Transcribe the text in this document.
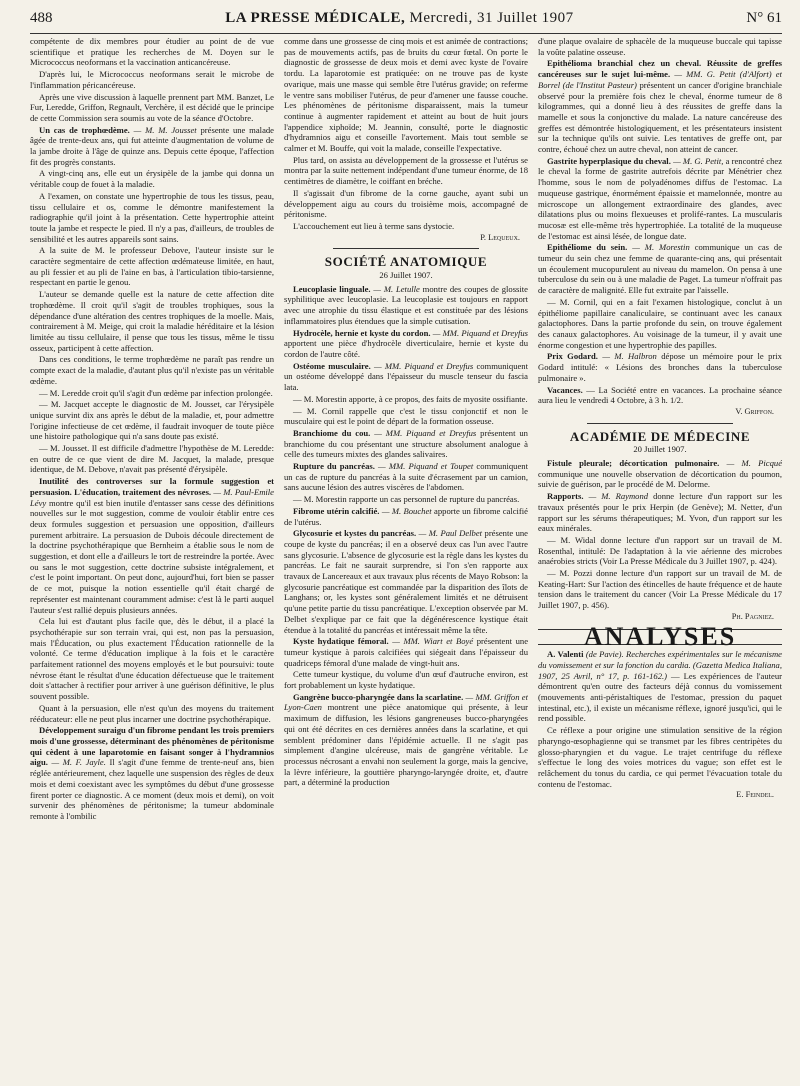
488	LA PRESSE MÉDICALE, Mercredi, 31 Juillet 1907	N° 61

compétente de dix membres pour étudier au point de de vue scientifique et pratique les recherches de M. Doyen sur le Micrococcus neoformans et la vaccination anticancéreuse.

D'après lui, le Micrococcus neoformans serait le microbe de l'inflammation péricancéreuse.

Après une vive discussion à laquelle prennent part MM. Banzet, Le Fur, Leredde, Griffon, Regnault, Verchère, il est décidé que le principe de cette Commission sera soumis au vote de la séance d'Octobre.

Un cas de trophœdème. — M. M. Jousset présente une malade âgée de trente-deux ans, qui fut atteinte d'augmentation de volume de la jambe droite à l'âge de quinze ans. Depuis cette époque, l'affection fit des progrès constants.

A vingt-cinq ans, elle eut un érysipèle de la jambe qui donna un véritable coup de fouet à la maladie.

A l'examen, on constate une hypertrophie de tous les tissus, peau, tissu cellulaire et os, comme le démontre manifestement la radiographie qu'il joint à la présentation. Cette hypertrophie atteint toute la jambe et respecte le pied. Il n'y a pas, d'ailleurs, de troubles de sensibilité et les autres appareils sont sains.

A la suite de M. le professeur Debove, l'auteur insiste sur le caractère segmentaire de cette affection œdémateuse limitée, en haut, au pli fessier et au pli de l'aine en bas, à l'articulation tibio-tarsienne, respectant en partie le genou.

L'auteur se demande quelle est la nature de cette affection dite trophœdème. Il croit qu'il s'agit de troubles trophiques, sous la dépendance d'une altération des centres trophiques de la moelle. Mais, contrairement à M. Meige, qui croit la maladie héréditaire et la lésion limitée au tissu cellulaire, il pense que tous les tissus, même le tissu osseux, participent à cette affection.

Dans ces conditions, le terme trophœdème ne paraît pas rendre un compte exact de la maladie, d'autant plus qu'il n'existe pas un véritable œdème.

— M. Leredde croit qu'il s'agit d'un œdème par infection prolongée.

— M. Jacquet accepte le diagnostic de M. Jousset, car l'érysipèle unique survint dix ans après le début de la maladie, et, pour admettre l'origine infectieuse de cet œdème, il faudrait invoquer de toute pièce une histoire pathologique qui n'a sans doute pas existé.

— M. Jousset. Il est difficile d'admettre l'hypothèse de M. Leredde: en outre de ce que vient de dire M. Jacquet, la malade, presque identique, de M. Debove, n'avait pas présenté d'érysipèle.

Inutilité des controverses sur la formule suggestion et persuasion. L'éducation, traitement des névroses. — M. Paul-Emile Lévy montre qu'il est bien inutile d'entasser sans cesse des définitions nouvelles sur le mot suggestion, comme de vouloir établir entre ces deux formules suggestion et persuasion une opposition, d'ailleurs purement arbitraire. La persuasion de Dubois découle directement de la doctrine psychothérapique que Bernheim a établie sous le nom de suggestion, et dont elle a d'ailleurs le tort de restreindre la portée. Avec ou sans le mot suggestion, cette doctrine subsiste intégralement, et c'est le point important. On peut donc, aujourd'hui, fort bien se passer de ce mot, puisque la notion essentielle qu'il était chargé de représenter est maintenant couramment admise: c'est là le parti auquel l'auteur s'est rallié depuis plusieurs années.

Cela lui est d'autant plus facile que, dès le début, il a placé la psychothérapie sur son terrain vrai, qui est, non pas la persuasion, mais l'Éducation, ou plus exactement l'Éducation rationnelle de la volonté. Ce terme d'éducation implique à la fois et le caractère parfaitement rationnel des moyens employés et le but poursuivi: toute névrose étant le résultat d'une éducation défectueuse que le traitement doit s'attacher à rectifier pour arriver à une guérison définitive, le plus souvent possible.

Quant à la persuasion, elle n'est qu'un des moyens du traitement rééducateur: elle ne peut plus incarner une doctrine psychothérapique.

Développement suraigu d'un fibrome pendant les trois premiers mois d'une grossesse, déterminant des phénomènes de péritonisme qui cèdent à une laparotomie en faisant songer à l'hydramnios aigu. — M. F. Jayle. Il s'agit d'une femme de trente-neuf ans, bien réglée antérieurement, chez laquelle une suspension des règles de deux mois et demi coexistant avec les symptômes du début d'une grossesse firent porter ce diagnostic. A ce moment (deux mois et demi), on voit survenir des phénomènes de péritonisme; la tumeur abdominale remonte à l'ombilic

comme dans une grossesse de cinq mois et est animée de contractions; pas de mouvements actifs, pas de bruits du cœur fœtal. On porte le diagnostic de grossesse de deux mois et demi avec kyste de l'ovaire tordu. La laparotomie est pratiquée: on ne trouve pas de kyste ovarique, mais une masse qui semble être l'utérus gravide; on referme le ventre sans mobiliser l'utérus, de peur d'amener une fausse couche. Les phénomènes de péritonisme disparaissent, mais la tumeur continue à augmenter rapidement et atteint au bout de huit jours l'appendice xiphoïde; M. Jeannin, consulté, porte le diagnostic d'hydramnios aigu et conseille l'avortement. Mais tout semble se calmer et M. Bouffe, qui voit la malade, conseille l'expectative.

Plus tard, on assista au développement de la grossesse et l'utérus se montra par la suite nettement indépendant d'une tumeur énorme, de 18 centimètres de diamètre, le coiffant en bréche.

Il s'agissait d'un fibrome de la corne gauche, ayant subi un développement aigu au cours du troisième mois, accompagné de péritonisme.

L'accouchement eut lieu à terme sans dystocie.

P. Lequeux.
SOCIÉTÉ ANATOMIQUE
26 Juillet 1907.

Leucoplasie linguale. — M. Letulle montre des coupes de glossite syphilitique avec leucoplasie. La leucoplasie est toujours en rapport avec une atrophie du tissu élastique et est constituée par des lésions inflammatoires plus étendues que la simple cutisation.

Hydrocèle, hernie et kyste du cordon. — MM. Piquand et Dreyfus apportent une pièce d'hydrocèle diverticulaire, hernie et kyste du cordon de l'autre côté.

Ostéome musculaire. — MM. Piquand et Dreyfus communiquent un ostéome développé dans l'épaisseur du muscle tenseur du fascia lata.

— M. Morestin apporte, à ce propos, des faits de myosite ossifiante.

— M. Cornil rappelle que c'est le tissu conjonctif et non le musculaire qui est le point de départ de la formation osseuse.

Branchiome du cou. — MM. Piquand et Dreyfus présentent un branchiome du cou présentant une structure absolument analogue à celle des tumeurs mixtes des glandes salivaires.

Rupture du pancréas. — MM. Piquand et Toupet communiquent un cas de rupture du pancréas à la suite d'écrasement par un camion, sans aucune lésion des autres viscères de l'abdomen.

— M. Morestin rapporte un cas personnel de rupture du pancréas.

Fibrome utérin calcifié. — M. Bouchet apporte un fibrome calcifié de l'utérus.

Glycosurie et kystes du pancréas. — M. Paul Delbet présente une coupe de kyste du pancréas; il en a observé deux cas l'un avec l'autre sans glycosurie. L'absence de glycosurie est la règle dans les kystes du pancréas. Le fait ne saurait surprendre, si l'on s'en rapporte aux travaux de Lancereaux et aux travaux plus récents de Mayo Robson: la glycosurie pancréatique est commandée par la disparition des îlots de Langhans; or, les kystes sont généralement limités et ne détruisent qu'une petite partie du tissu pancréatique. L'exception observée par M. Delbet s'explique par ce fait que la dégénérescence kystique était étendue à la totalité du pancréas et intéressait même la tête.

Kyste hydatique fémoral. — MM. Wiart et Boyé présentent une tumeur kystique à parois calcifiées qui siégeait dans l'épaisseur du quadriceps fémoral d'une malade de vingt-huit ans.

Cette tumeur kystique, du volume d'un œuf d'autruche environ, est fort probablement un kyste hydatique.

Gangrène bucco-pharyngée dans la scarlatine. — MM. Griffon et Lyon-Caen montrent une pièce anatomique qui présente, à leur maximum de diffusion, les lésions gangreneuses bucco-pharyngées qui ont été décrites en ces dernières années dans la scarlatine, et qui semblent prédominer dans l'épidémie actuelle. Il ne s'agit pas simplement d'angine ulcéreuse, mais de gangrène véritable. Le processus nécrosant a envahi non seulement la gorge, mais la gencive, la lèvre inférieure, la gouttière pharyngo-laryngée droite, et, d'autre part, a déterminé la production

d'une plaque ovalaire de sphacèle de la muqueuse buccale qui tapisse la voûte palatine osseuse.

Epithélioma branchial chez un cheval. Réussite de greffes cancéreuses sur le sujet lui-même. — MM. G. Petit (d'Alfort) et Borrel (de l'Institut Pasteur) présentent un cancer d'origine branchiale observé pour la première fois chez le cheval, énorme tumeur de 8 kilogrammes, qui a donné lieu à des réussites de greffe dans la mamelle et sous la conjonctive du malade. La nature cancéreuse des greffes est démontrée histologiquement, et les présentateurs insistent sur la technique qu'ils ont suivie. Les tentatives de greffe ont, par contre, échoué chez un autre cheval, non atteint de cancer.

Gastrite hyperplasique du cheval. — M. G. Petit, a rencontré chez le cheval la forme de gastrite autrefois décrite par Ménétrier chez l'homme, sous le nom de polyadénomes diffus de l'estomac. La muqueuse gastrique, énormément épaissie et mamelonnée, montre au microscope un allongement extraordinaire des glandes, avec dilatations plus ou moins flexueuses et prolifé-rantes. La muscularis mucosæ est elle-même très hypertrophiée. La totalité de la muqueuse de l'estomac est ainsi lésée, de longue date.

Epithéliome du sein. — M. Morestin communique un cas de tumeur du sein chez une femme de quarante-cinq ans, qui présentait un écoulement mucopurulent au niveau du mamelon. On pensa à une tuberculose du sein ou à une maladie de Paget. La tumeur n'offrait pas de caractère de malignité. Elle fut extraite par l'aisselle.

— M. Cornil, qui en a fait l'examen histologique, conclut à un épithéliome papillaire canaliculaire, se continuant avec les canaux galactophores. Dans la partie profonde du sein, on trouve également des canaux galactophores. Au voisinage de la tumeur, il y avait une énorme congestion et une hypertrophie des papilles.

Prix Godard. — M. Halbron dépose un mémoire pour le prix Godard intitulé: « Lésions des bronches dans la tuberculose pulmonaire ».

Vacances. — La Société entre en vacances. La prochaine séance aura lieu le vendredi 4 Octobre, à 3 h. 1/2.

V. Griffon.
ACADÉMIE DE MÉDECINE
20 Juillet 1907.

Fistule pleurale; décortication pulmonaire. — M. Picqué communique une nouvelle observation de décortication du poumon, suivie de guérison, par le procédé de M. Delorme.

Rapports. — M. Raymond donne lecture d'un rapport sur les travaux présentés pour le prix Herpin (de Genève); M. Netter, d'un rapport sur les sérums thérapeutiques; M. Yvon, d'un rapport sur les eaux minérales.

— M. Widal donne lecture d'un rapport sur un travail de M. Rosenthal, intitulé: De l'adaptation à la vie aérienne des microbes anaérobies stricts (Voir La Presse Médicale du 3 Juillet 1907, p. 424).

— M. Pozzi donne lecture d'un rapport sur un travail de M. de Keating-Hart: Sur l'action des étincelles de haute fréquence et de haute tension dans le traitement du cancer (Voir La Presse Médicale du 17 Juillet 1907, p. 456).

Ph. Pagniez.
ANALYSES

A. Valenti (de Pavie). Recherches expérimentales sur le mécanisme du vomissement et sur la fonction du cardia. (Gazetta Medica Italiana, 1907, 25 Avril, n° 17, p. 161-162.) — Les expériences de l'auteur démontrent qu'en outre des facteurs déjà connus du vomissement (mouvements anti-péristaltiques de l'estomac, pression du paquet intestinal, etc.), il existe un mécanisme réflexe, ignoré jusqu'ici, qui le rend possible.

Ce réflexe a pour origine une stimulation sensitive de la région pharyngo-œsophagienne qui se transmet par les fibres centripètes du glosso-pharyngien et du vague. Le trajet centrifuge du réflexe s'effectue le long des voies motrices du vague; son effet est le relâchement du tonus du cardia, ce qui permet l'évacuation totale du contenu de l'estomac.

E. Feindel.
